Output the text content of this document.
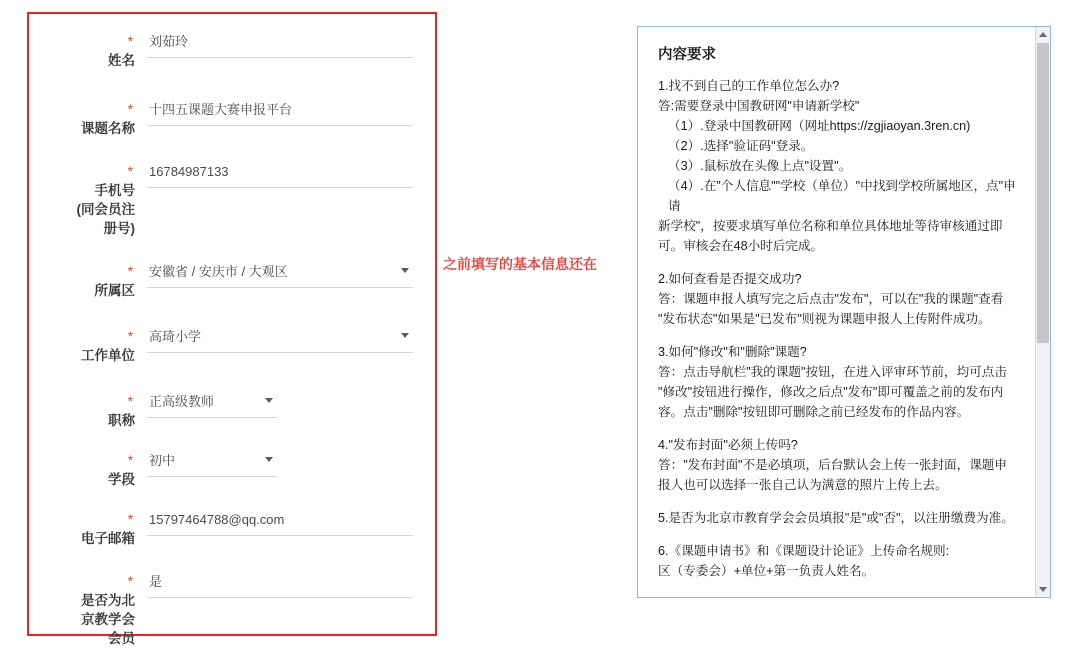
*
姓名
刘茹玲
*
课题名称
十四五课题大赛申报平台
*
手机号
(同会员注
册号)
16784987133
*
所属区
安徽省 / 安庆市 / 大观区
*
工作单位
高琦小学
*
职称
正高级教师
*
学段
初中
*
电子邮箱
15797464788@qq.com
*
是否为北
京教学会
会员
是
之前填写的基本信息还在
内容要求
1.找不到自己的工作单位怎么办?
答:需要登录中国教研网"申请新学校"
（1）.登录中国教研网（网址https://zgjiaoyan.3ren.cn)
（2）.选择"验证码"登录。
（3）.鼠标放在头像上点"设置"。
（4）.在"个人信息""学校（单位）"中找到学校所属地区，点"申请
新学校"，按要求填写单位名称和单位具体地址等待审核通过即
可。审核会在48小时后完成。
2.如何查看是否提交成功?
答：课题申报人填写完之后点击"发布"，可以在"我的课题"查看
"发布状态"如果是"已发布"则视为课题申报人上传附件成功。
3.如何"修改"和"删除"课题?
答：点击导航栏"我的课题"按钮，在进入评审环节前，均可点击
"修改"按钮进行操作，修改之后点"发布"即可覆盖之前的发布内
容。点击"删除"按钮即可删除之前已经发布的作品内容。
4."发布封面"必须上传吗?
答："发布封面"不是必填项，后台默认会上传一张封面，课题申
报人也可以选择一张自己认为满意的照片上传上去。
5.是否为北京市教育学会会员填报"是"或"否"，以注册缴费为准。
6.《课题申请书》和《课题设计论证》上传命名规则:
区（专委会）+单位+第一负责人姓名。
